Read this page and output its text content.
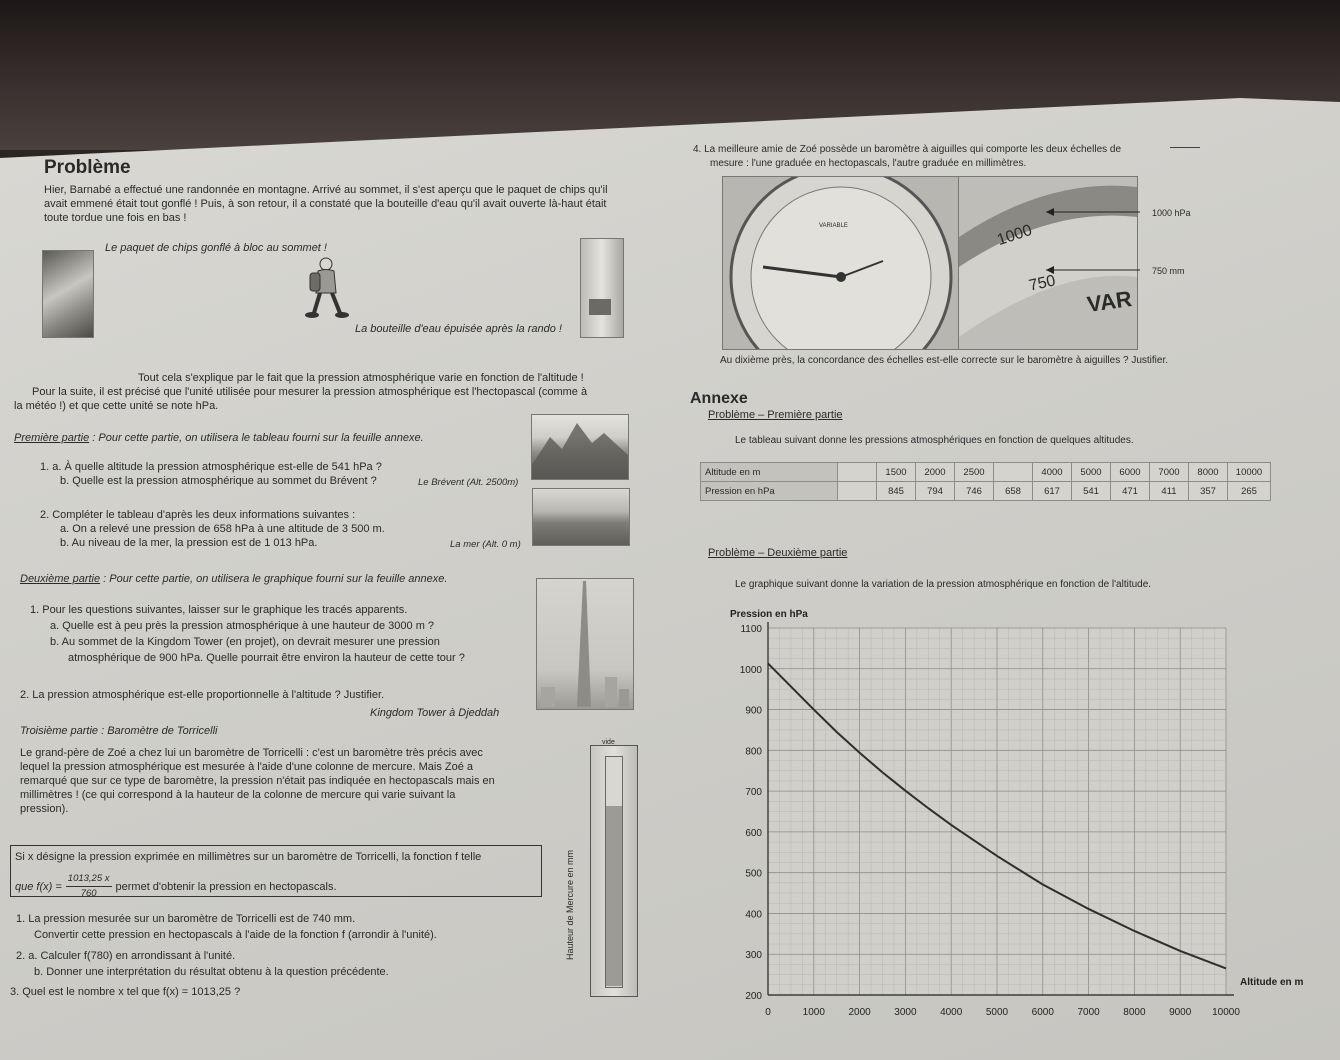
Problème
Hier, Barnabé a effectué une randonnée en montagne. Arrivé au sommet, il s'est aperçu que le paquet de chips qu'il
avait emmené était tout gonflé ! Puis, à son retour, il a constaté que la bouteille d'eau qu'il avait ouverte là-haut était
toute tordue une fois en bas !
Le paquet de chips gonflé à bloc au sommet !
La bouteille d'eau épuisée après la rando !
Tout cela s'explique par le fait que la pression atmosphérique varie en fonction de l'altitude !
Pour la suite, il est précisé que l'unité utilisée pour mesurer la pression atmosphérique est l'hectopascal (comme à
la météo !) et que cette unité se note hPa.
Première partie : Pour cette partie, on utilisera le tableau fourni sur la feuille annexe.
1. a. À quelle altitude la pression atmosphérique est-elle de 541 hPa ?
b. Quelle est la pression atmosphérique au sommet du Brévent ?	Le Brévent (Alt. 2500m)
2. Compléter le tableau d'après les deux informations suivantes :
a. On a relevé une pression de 658 hPa à une altitude de 3 500 m.
b. Au niveau de la mer, la pression est de 1 013 hPa.	La mer (Alt. 0 m)
Deuxième partie : Pour cette partie, on utilisera le graphique fourni sur la feuille annexe.
1. Pour les questions suivantes, laisser sur le graphique les tracés apparents.
a. Quelle est à peu près la pression atmosphérique à une hauteur de 3000 m ?
b. Au sommet de la Kingdom Tower (en projet), on devrait mesurer une pression
atmosphérique de 900 hPa. Quelle pourrait être environ la hauteur de cette tour ?
2. La pression atmosphérique est-elle proportionnelle à l'altitude ? Justifier.
Kingdom Tower à Djeddah
Troisième partie : Baromètre de Torricelli
Le grand-père de Zoé a chez lui un baromètre de Torricelli : c'est un baromètre très précis avec
lequel la pression atmosphérique est mesurée à l'aide d'une colonne de mercure. Mais Zoé a
remarqué que sur ce type de baromètre, la pression n'était pas indiquée en hectopascals mais en
millimètres ! (ce qui correspond à la hauteur de la colonne de mercure qui varie suivant la
pression).
Si x désigne la pression exprimée en millimètres sur un baromètre de Torricelli, la fonction f telle
que $f(x) = \frac{1013,25 x}{760}$ permet d'obtenir la pression en hectopascals.
1. La pression mesurée sur un baromètre de Torricelli est de 740 mm.
Convertir cette pression en hectopascals à l'aide de la fonction f (arrondir à l'unité).
2. a. Calculer f(780) en arrondissant à l'unité.
b. Donner une interprétation du résultat obtenu à la question précédente.
3. Quel est le nombre x tel que f(x) = 1013,25 ?
vide
Hauteur de Mercure en mm
4. La meilleure amie de Zoé possède un baromètre à aiguilles qui comporte les deux échelles de
mesure : l'une graduée en hectopascals, l'autre graduée en millimètres.
VARIABLE	1000
750
VAR
1000 hPa
750 mm
Au dixième près, la concordance des échelles est-elle correcte sur le baromètre à aiguilles ? Justifier.
Annexe
Problème – Première partie
Le tableau suivant donne les pressions atmosphériques en fonction de quelques altitudes.
Altitude en m		1500	2000	2500		4000	5000	6000	7000	8000	10000
Pression en hPa		845	794	746	658	617	541	471	411	357	265
Problème – Deuxième partie
Le graphique suivant donne la variation de la pression atmosphérique en fonction de l'altitude.
0	1000 2000 3000 4000 5000 6000 7000 8000 9000 10000
200
300
400
500
600
700
800
900
1000
1100
Pression en hPa
Altitude en m
